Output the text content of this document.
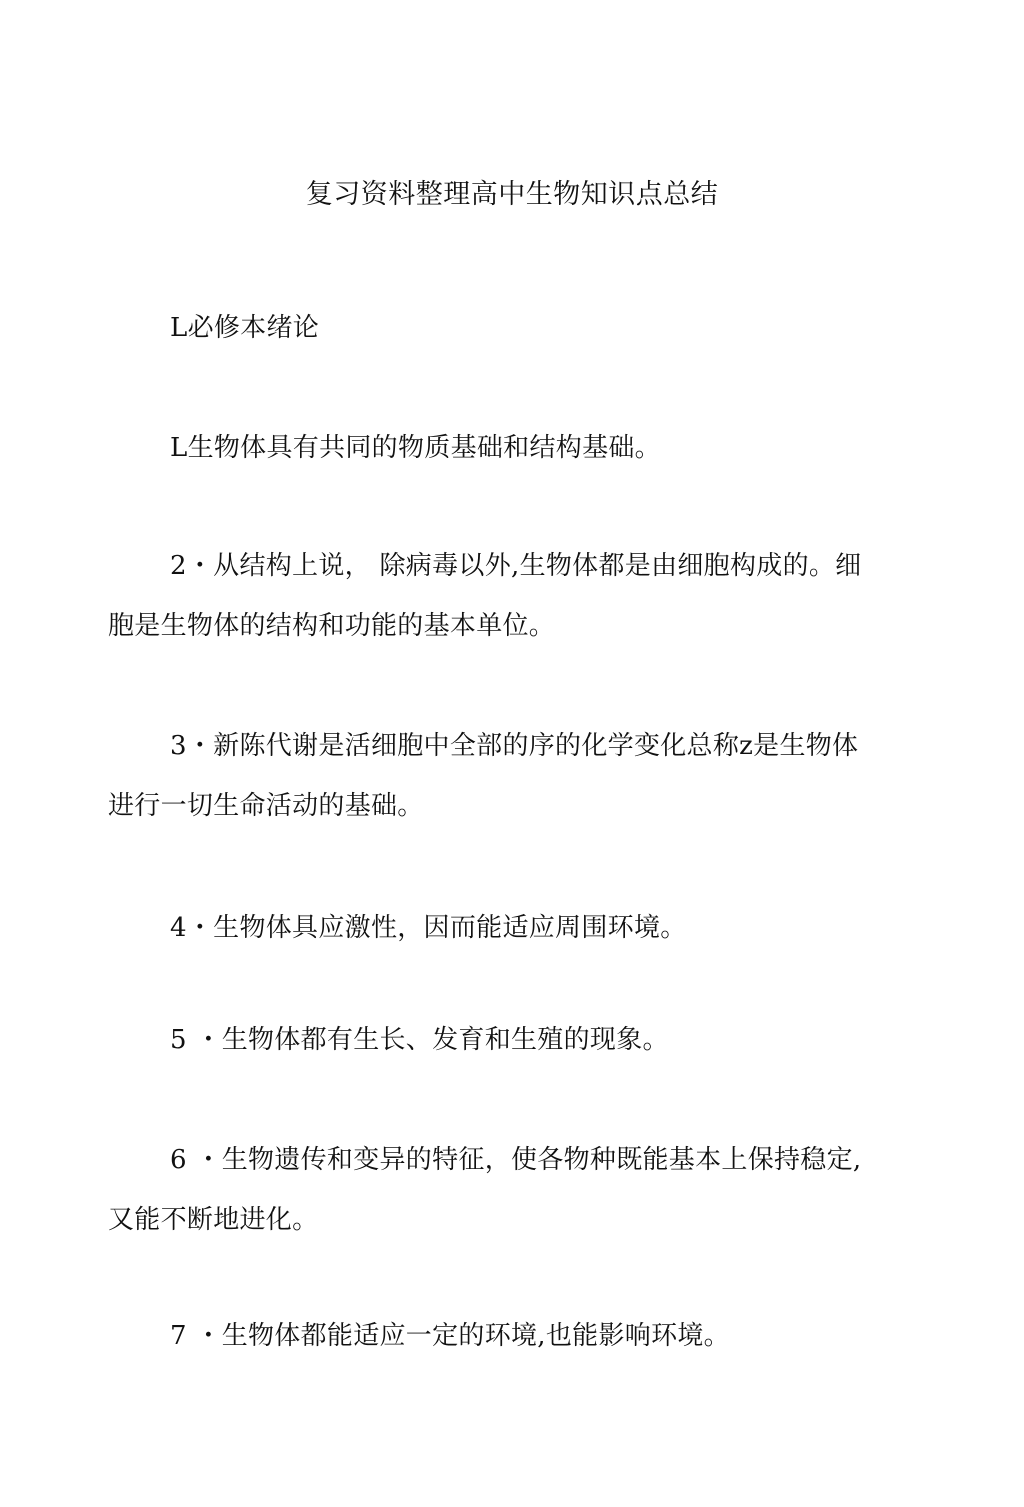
复习资料整理高中生物知识点总结
L必修本绪论
L生物体具有共同的物质基础和结构基础。
2・从结构上说， 除病毒以外,生物体都是由细胞构成的。细胞是生物体的结构和功能的基本单位。
3・新陈代谢是活细胞中全部的序的化学变化总称z是生物体进行一切生命活动的基础。
4・生物体具应激性，因而能适应周围环境。
5 ・生物体都有生长、发育和生殖的现象。
6 ・生物遗传和变异的特征，使各物种既能基本上保持稳定,又能不断地进化。
7 ・生物体都能适应一定的环境,也能影响环境。
